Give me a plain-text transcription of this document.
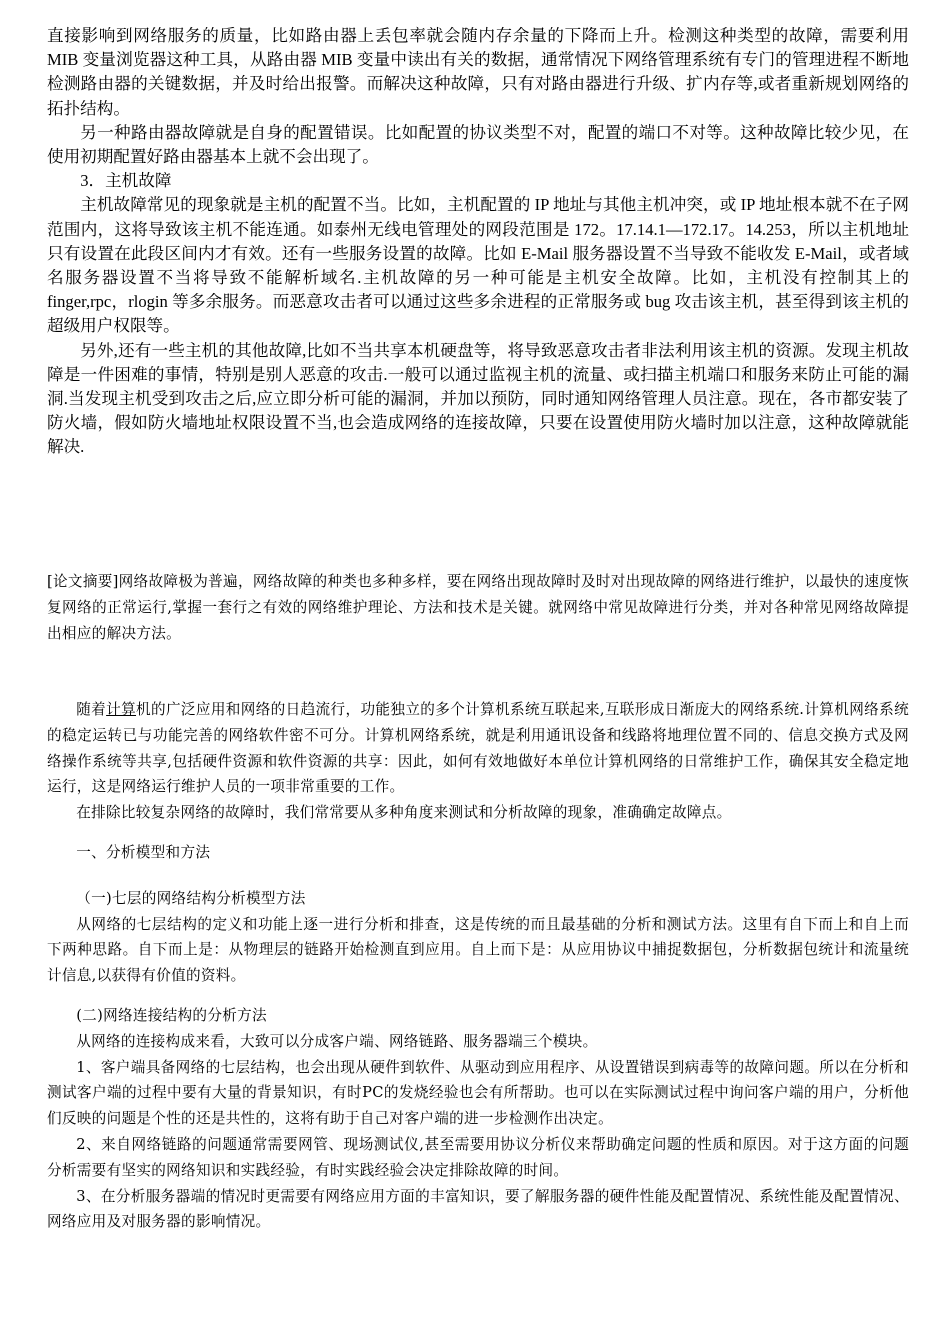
直接影响到网络服务的质量，比如路由器上丢包率就会随内存余量的下降而上升。检测这种类型的故障，需要利用 MIB 变量浏览器这种工具，从路由器 MIB 变量中读出有关的数据，通常情况下网络管理系统有专门的管理进程不断地检测路由器的关键数据，并及时给出报警。而解决这种故障，只有对路由器进行升级、扩内存等,或者重新规划网络的拓扑结构。

另一种路由器故障就是自身的配置错误。比如配置的协议类型不对，配置的端口不对等。这种故障比较少见，在使用初期配置好路由器基本上就不会出现了。

3．主机故障

主机故障常见的现象就是主机的配置不当。比如，主机配置的 IP 地址与其他主机冲突，或 IP 地址根本就不在子网范围内，这将导致该主机不能连通。如泰州无线电管理处的网段范围是 172。17.14.1—172.17。14.253，所以主机地址只有设置在此段区间内才有效。还有一些服务设置的故障。比如 E-Mail 服务器设置不当导致不能收发 E-Mail，或者域名服务器设置不当将导致不能解析域名.主机故障的另一种可能是主机安全故障。比如，主机没有控制其上的 finger,rpc，rlogin 等多余服务。而恶意攻击者可以通过这些多余进程的正常服务或 bug 攻击该主机，甚至得到该主机的超级用户权限等。

另外,还有一些主机的其他故障,比如不当共享本机硬盘等，将导致恶意攻击者非法利用该主机的资源。发现主机故障是一件困难的事情，特别是别人恶意的攻击.一般可以通过监视主机的流量、或扫描主机端口和服务来防止可能的漏洞.当发现主机受到攻击之后,应立即分析可能的漏洞，并加以预防，同时通知网络管理人员注意。现在，各市都安装了防火墙，假如防火墙地址权限设置不当,也会造成网络的连接故障，只要在设置使用防火墙时加以注意，这种故障就能解决.

[论文摘要]网络故障极为普遍，网络故障的种类也多种多样，要在网络出现故障时及时对出现故障的网络进行维护，以最快的速度恢复网络的正常运行,掌握一套行之有效的网络维护理论、方法和技术是关键。就网络中常见故障进行分类，并对各种常见网络故障提出相应的解决方法。

随着计算机的广泛应用和网络的日趋流行，功能独立的多个计算机系统互联起来,互联形成日渐庞大的网络系统.计算机网络系统的稳定运转已与功能完善的网络软件密不可分。计算机网络系统，就是利用通讯设备和线路将地理位置不同的、信息交换方式及网络操作系统等共享,包括硬件资源和软件资源的共享：因此，如何有效地做好本单位计算机网络的日常维护工作，确保其安全稳定地运行，这是网络运行维护人员的一项非常重要的工作。

在排除比较复杂网络的故障时，我们常常要从多种角度来测试和分析故障的现象，准确确定故障点。

一、分析模型和方法

（一)七层的网络结构分析模型方法

从网络的七层结构的定义和功能上逐一进行分析和排查，这是传统的而且最基础的分析和测试方法。这里有自下而上和自上而下两种思路。自下而上是：从物理层的链路开始检测直到应用。自上而下是：从应用协议中捕捉数据包，分析数据包统计和流量统计信息,以获得有价值的资料。

(二)网络连接结构的分析方法

从网络的连接构成来看，大致可以分成客户端、网络链路、服务器端三个模块。

1、客户端具备网络的七层结构，也会出现从硬件到软件、从驱动到应用程序、从设置错误到病毒等的故障问题。所以在分析和测试客户端的过程中要有大量的背景知识，有时PC的发烧经验也会有所帮助。也可以在实际测试过程中询问客户端的用户，分析他们反映的问题是个性的还是共性的，这将有助于自己对客户端的进一步检测作出决定。

2、来自网络链路的问题通常需要网管、现场测试仪,甚至需要用协议分析仪来帮助确定问题的性质和原因。对于这方面的问题分析需要有坚实的网络知识和实践经验，有时实践经验会决定排除故障的时间。

3、在分析服务器端的情况时更需要有网络应用方面的丰富知识，要了解服务器的硬件性能及配置情况、系统性能及配置情况、网络应用及对服务器的影响情况。
